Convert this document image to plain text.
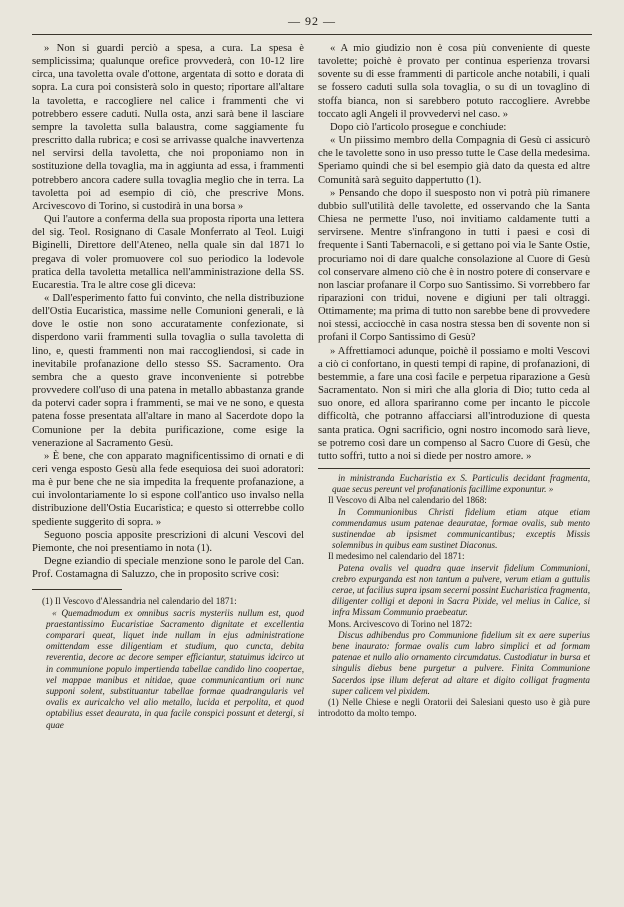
— 92 —

» Non si guardi perciò a spesa, a cura. La spesa è semplicissima; qualunque orefice provvederà, con 10-12 lire circa, una tavoletta ovale d'ottone, argentata di sotto e dorata di sopra. La cura poi consisterà solo in questo; riportare all'altare la tavoletta, e raccogliere nel calice i frammenti che vi potrebbero essere caduti. Nulla osta, anzi sarà bene il lasciare sempre la tavoletta sulla balaustra, come saggiamente fu prescritto dalla rubrica; e così se arrivasse qualche inavvertenza nel servirsi della tavoletta, che noi proponiamo non in sostituzione della tovaglia, ma in aggiunta ad essa, i frammenti potrebbero ancora cadere sulla tovaglia meglio che in terra. La tavoletta poi ad esempio di ciò, che prescrive Mons. Arcivescovo di Torino, si custodirà in una borsa »

Qui l'autore a conferma della sua proposta riporta una lettera del sig. Teol. Rosignano di Casale Monferrato al Teol. Luigi Biginelli, Direttore dell'Ateneo, nella quale sin dal 1871 lo pregava di voler promuovere col suo periodico la lodevole pratica della tavoletta metallica nell'amministrazione della SS. Eucarestia. Tra le altre cose gli diceva:

« Dall'esperimento fatto fui convinto, che nella distribuzione dell'Ostia Eucaristica, massime nelle Comunioni generali, e là dove le ostie non sono accuratamente confezionate, si disperdono varii frammenti sulla tovaglia o sulla tavoletta di lino, e, questi frammenti non mai raccogliendosi, si cade in inevitabile profanazione dello stesso SS. Sacramento. Ora sembra che a questo grave inconveniente si potrebbe provvedere coll'uso di una patena in metallo abbastanza grande da potervi cader sopra i frammenti, se mai ve ne sono, e questa patena fosse presentata all'altare in mano al Sacerdote dopo la Comunione per la debita purificazione, come esige la venerazione al Sacramento Gesù.

» È bene, che con apparato magnificentissimo di ornati e di ceri venga esposto Gesù alla fede esequiosa dei suoi adoratori: ma è pur bene che ne sia impedita la frequente profanazione, a cui involontariamente lo si espone coll'antico uso invalso nella distribuzione dell'Ostia Eucaristica; e questo si otterrebbe collo spediente suggerito di sopra. »

Seguono poscia apposite prescrizioni di alcuni Vescovi del Piemonte, che noi presentiamo in nota (1).

Degne eziandio di speciale menzione sono le parole del Can. Prof. Costamagna di Saluzzo, che in proposito scrive così:

(1) Il Vescovo d'Alessandria nel calendario del 1871:

« Quemadmodum ex omnibus sacris mysteriis nullum est, quod praestantissimo Eucaristiae Sacramento dignitate et excellentia comparari queat, liquet inde nullam in ejus administratione omittendam esse diligentiam et studium, quo cuncta, debita reverentia, decore ac decore semper efficiantur, statuimus idcirco ut in communione populo impertienda tabellae candido lino coopertae, vel mappae manibus et nitidae, quae communicantium ori nunc supponi solent, substituantur tabellae formae quadrangularis vel ovalis ex auricalcho vel alio metallo, lucida et perpolita, et quod optabilius esset deaurata, in qua facile conspici possunt et detergi, si quae

« A mio giudizio non è cosa più conveniente di queste tavolette; poichè è provato per continua esperienza trovarsi sovente su di esse frammenti di particole anche notabili, i quali se fossero caduti sulla sola tovaglia, o su di un tovaglino di stoffa bianca, non si sarebbero potuto raccogliere. Avrebbe toccato agli Angeli il provvedervi nel caso. »

Dopo ciò l'articolo prosegue e conchiude:

« Un piissimo membro della Compagnia di Gesù ci assicurò che le tavolette sono in uso presso tutte le Case della medesima. Speriamo quindi che si bel esempio già dato da questa ed altre Comunità sarà seguito dappertutto (1).

» Pensando che dopo il suesposto non vi potrà più rimanere dubbio sull'utilità delle tavolette, ed osservando che la Santa Chiesa ne permette l'uso, noi invitiamo caldamente tutti a servirsene. Mentre s'infrangono in tutti i paesi e così di frequente i Santi Tabernacoli, e si gettano poi via le Sante Ostie, procuriamo noi di dare qualche consolazione al Cuore di Gesù col conservare almeno ciò che è in nostro potere di conservare e non lasciar profanare il Corpo suo Santissimo. Si vorrebbero far riparazioni con tridui, novene e digiuni per tali oltraggi. Ottimamente; ma prima di tutto non sarebbe bene di provvedere noi stessi, acciocchè in casa nostra stessa ben di sovente non si profani il Corpo Santissimo di Gesù?

» Affrettiamoci adunque, poichè il possiamo e molti Vescovi a ciò ci confortano, in questi tempi di rapine, di profanazioni, di bestemmie, a fare una così facile e perpetua riparazione a Gesù Sacramentato. Non si mirì che alla gloria di Dio; tutto ceda al suo onore, ed allora spariranno come per incanto le piccole difficoltà, che potranno affacciarsi all'introduzione di questa santa pratica. Ogni sacrificio, ogni nostro incomodo sarà lieve, se potremo così dare un compenso al Sacro Cuore di Gesù, che tutto soffrì, tutto a noi si diede per nostro amore. »

in ministranda Eucharistia ex S. Particulis decidant fragmenta, quae secus pereunt vel profanationis facillime exponuntur. »

Il Vescovo di Alba nel calendario del 1868:

In Communionibus Christi fidelium etiam atque etiam commendamus usum patenae deauratae, formae ovalis, sub mento sustinendae ab ipsismet communicantibus; exceptis Missis solemnibus in quibus eam sustinet Diaconus.

Il medesimo nel calendario del 1871:

Patena ovalis vel quadra quae inservit fidelium Communioni, crebro expurganda est non tantum a pulvere, verum etiam a guttulis cerae, ut facilius supra ipsam secerni possint Eucharistica fragmenta, diligenter colligi et deponi in Sacra Pixide, vel melius in Calice, si infra Missam Communio praebeatur.

Mons. Arcivescovo di Torino nel 1872:

Discus adhibendus pro Communione fidelium sit ex aere superius bene inaurato: formae ovalis cum labro simplici et ad formam patenae et nullo alio ornamento circumdatus. Custodiatur in bursa et singulis diebus bene purgetur a pulvere. Finita Communione Sacerdos ipse illum deferat ad altare et digito colligat fragmenta super calicem vel pixidem.

(1) Nelle Chiese e negli Oratorii dei Salesiani questo uso è già pure introdotto da molto tempo.
